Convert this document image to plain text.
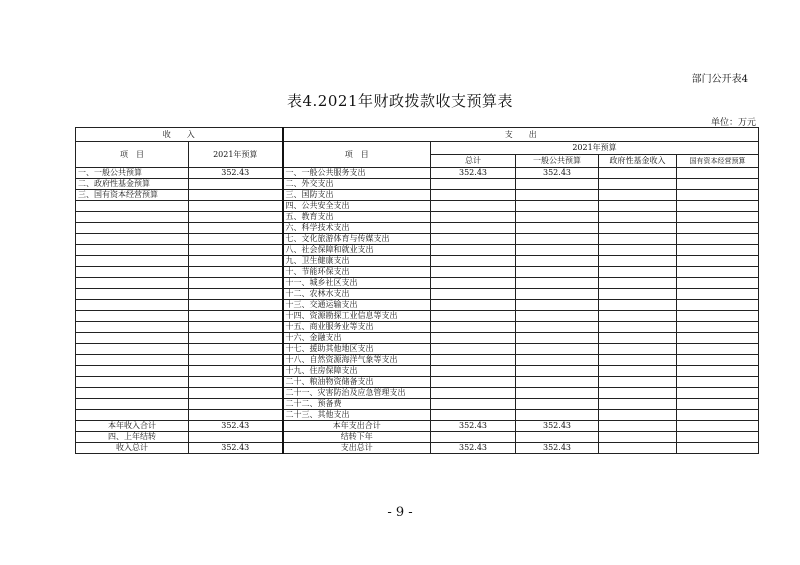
部门公开表4
表4.2021年财政拨款收支预算表
单位：万元
收　　入		支　　出				
项　目	2021年预算	项　目	2021年预算			
			总计	一般公共预算	政府性基金收入	国有资本经营预算
一、一般公共预算	352.43	一、一般公共服务支出	352.43	352.43		
二、政府性基金预算		二、外交支出				
三、国有资本经营预算		三、国防支出				
		四、公共安全支出				
		五、教育支出				
		六、科学技术支出				
		七、文化旅游体育与传媒支出				
		八、社会保障和就业支出				
		九、卫生健康支出				
		十、节能环保支出				
		十一、城乡社区支出				
		十二、农林水支出				
		十三、交通运输支出				
		十四、资源勘探工业信息等支出				
		十五、商业服务业等支出				
		十六、金融支出				
		十七、援助其他地区支出				
		十八、自然资源海洋气象等支出				
		十九、住房保障支出				
		二十、粮油物资储备支出				
		二十一、灾害防治及应急管理支出				
		二十二、预备费				
		二十三、其他支出				
本年收入合计	352.43	本年支出合计	352.43	352.43		
四、上年结转		结转下年				
收入总计	352.43	支出总计	352.43	352.43		
- 9 -
